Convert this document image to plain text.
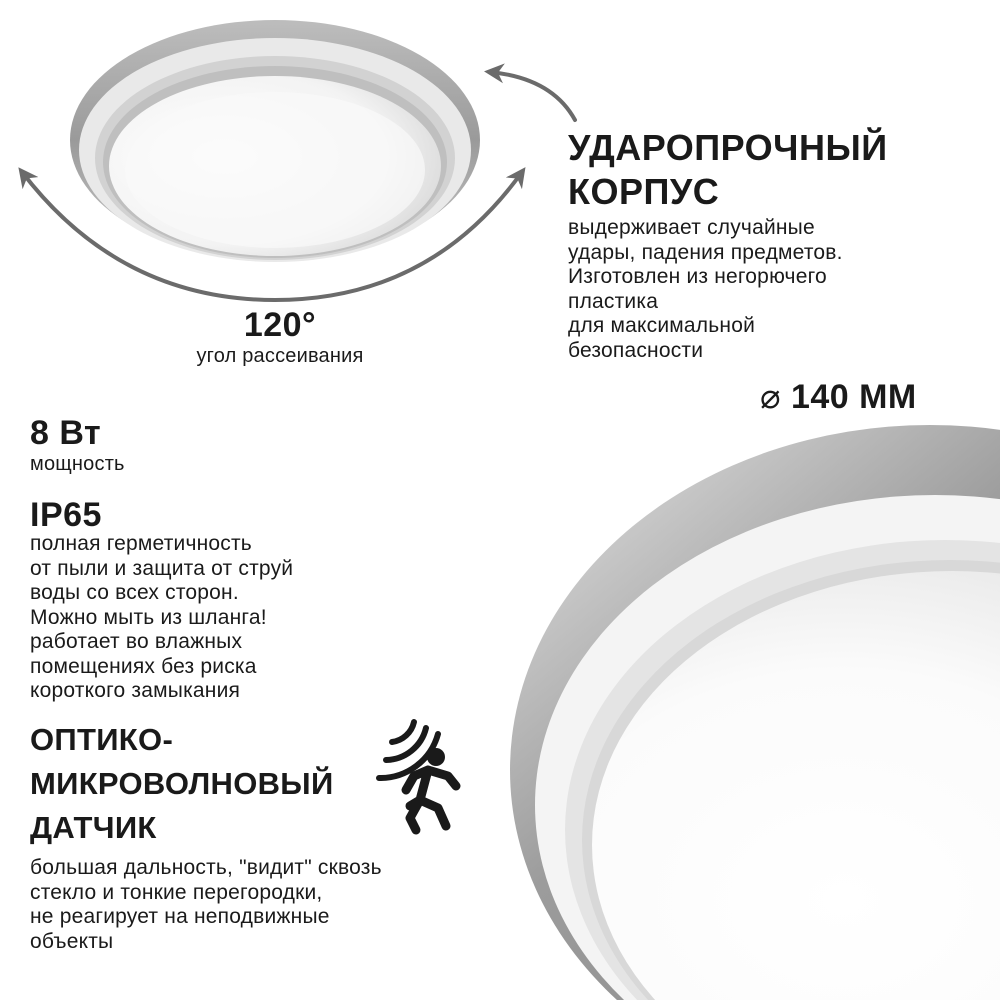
120°
угол рассеивания
УДАРОПРОЧНЫЙ
КОРПУС
выдерживает случайные
удары, падения предметов.
Изготовлен из негорючего
пластика
для максимальной
безопасности
⌀ 140 ММ
8 Вт
мощность
IP65
полная герметичность
от пыли и защита от струй
воды со всех сторон.
Можно мыть из шланга!
работает во влажных
помещениях без риска
короткого замыкания
ОПТИКО-
МИКРОВОЛНОВЫЙ
ДАТЧИК
большая дальность, "видит" сквозь
стекло и тонкие перегородки,
не реагирует на неподвижные
объекты
